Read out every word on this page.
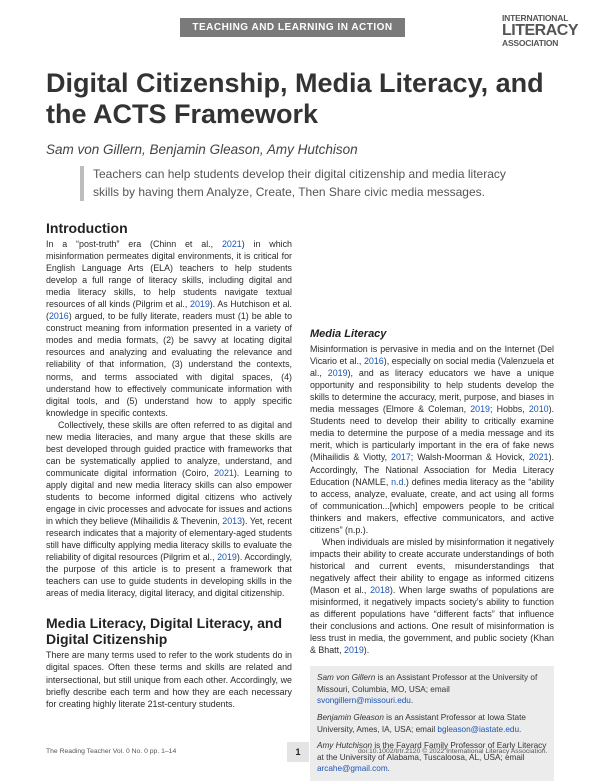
TEACHING AND LEARNING IN ACTION
INTERNATIONAL
LITERACY
ASSOCIATION
Digital Citizenship, Media Literacy, and the ACTS Framework
Sam von Gillern, Benjamin Gleason, Amy Hutchison
Teachers can help students develop their digital citizenship and media literacy skills by having them Analyze, Create, Then Share civic media messages.
Introduction

In a “post-truth” era (Chinn et al., 2021) in which misinformation permeates digital environments, it is critical for English Language Arts (ELA) teachers to help students develop a full range of literacy skills, including digital and media literacy skills, to help students navigate textual resources of all kinds (Pilgrim et al., 2019). As Hutchison et al. (2016) argued, to be fully literate, readers must (1) be able to construct meaning from information presented in a variety of modes and media formats, (2) be savvy at locating digital resources and analyzing and evaluating the relevance and reliability of that information, (3) understand the contexts, norms, and terms associated with digital spaces, (4) understand how to effectively communicate information with digital tools, and (5) understand how to apply specific knowledge in specific contexts.

Collectively, these skills are often referred to as digital and new media literacies, and many argue that these skills are best developed through guided practice with frameworks that can be systematically applied to analyze, understand, and communicate digital information (Coiro, 2021). Learning to apply digital and new media literacy skills can also empower students to become informed digital citizens who actively engage in civic processes and advocate for issues and actions in which they believe (Mihailidis & Thevenin, 2013). Yet, recent research indicates that a majority of elementary-aged students still have difficulty applying media literacy skills to evaluate the reliability of digital resources (Pilgrim et al., 2019). Accordingly, the purpose of this article is to present a framework that teachers can use to guide students in developing skills in the areas of media literacy, digital literacy, and digital citizenship.

Media Literacy, Digital Literacy, and Digital Citizenship

There are many terms used to refer to the work students do in digital spaces. Often these terms and skills are related and intersectional, but still unique from each other. Accordingly, we briefly describe each term and how they are each necessary for creating highly literate 21st-century students.

Media Literacy

Misinformation is pervasive in media and on the Internet (Del Vicario et al., 2016), especially on social media (Valenzuela et al., 2019), and as literacy educators we have a unique opportunity and responsibility to help students develop the skills to determine the accuracy, merit, purpose, and biases in media messages (Elmore & Coleman, 2019; Hobbs, 2010). Students need to develop their ability to critically examine media to determine the purpose of a media message and its merit, which is particularly important in the era of fake news (Mihailidis & Viotty, 2017; Walsh-Moorman & Hovick, 2021). Accordingly, The National Association for Media Literacy Education (NAMLE, n.d.) defines media literacy as the “ability to access, analyze, evaluate, create, and act using all forms of communication...[which] empowers people to be critical thinkers and makers, effective communicators, and active citizens” (n.p.).

When individuals are misled by misinformation it negatively impacts their ability to create accurate understandings of both historical and current events, misunderstandings that negatively affect their ability to engage as informed citizens (Mason et al., 2018). When large swaths of populations are misinformed, it negatively impacts society’s ability to function as different populations have “different facts” that influence their conclusions and actions. One result of misinformation is less trust in media, the government, and public society (Khan & Bhatt, 2019).

Sam von Gillern is an Assistant Professor at the University of Missouri, Columbia, MO, USA; email svongillern@missouri.edu.

Benjamin Gleason is an Assistant Professor at Iowa State University, Ames, IA, USA; email bgleason@iastate.edu.

Amy Hutchison is the Fayard Family Professor of Early Literacy at the University of Alabama, Tuscaloosa, AL, USA; email arcahe@gmail.com.

The Reading Teacher Vol. 0 No. 0 pp. 1–14	1	doi:10.1002/trtr.2120 © 2022 International Literacy Association.
